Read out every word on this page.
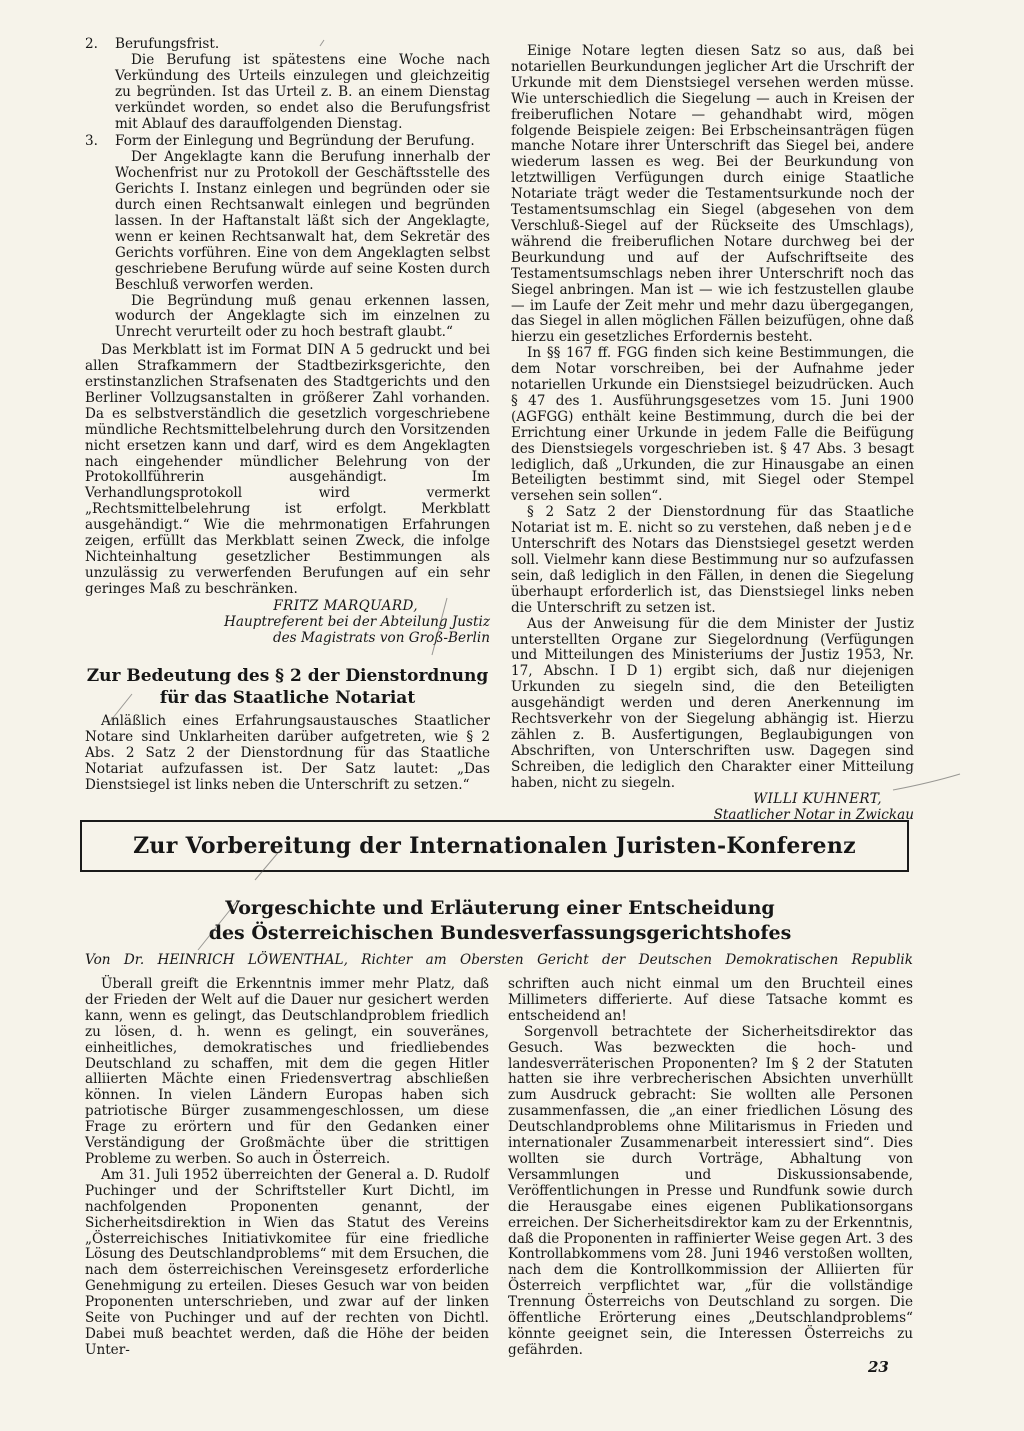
2.	Berufungsfrist.

Die Berufung ist spätestens eine Woche nach Verkündung des Urteils einzulegen und gleichzeitig zu begründen. Ist das Urteil z. B. an einem Dienstag verkündet worden, so endet also die Berufungsfrist mit Ablauf des darauffolgenden Dienstag.

3.	Form der Einlegung und Begründung der Berufung.

Der Angeklagte kann die Berufung innerhalb der Wochenfrist nur zu Protokoll der Geschäftsstelle des Gerichts I. Instanz einlegen und begründen oder sie durch einen Rechtsanwalt einlegen und begründen lassen. In der Haftanstalt läßt sich der Angeklagte, wenn er keinen Rechtsanwalt hat, dem Sekretär des Gerichts vorführen. Eine von dem Angeklagten selbst geschriebene Berufung würde auf seine Kosten durch Beschluß verworfen werden.

Die Begründung muß genau erkennen lassen, wodurch der Angeklagte sich im einzelnen zu Unrecht verurteilt oder zu hoch bestraft glaubt.“

Das Merkblatt ist im Format DIN A 5 gedruckt und bei allen Strafkammern der Stadtbezirksgerichte, den erstinstanzlichen Strafsenaten des Stadtgerichts und den Berliner Vollzugsanstalten in größerer Zahl vorhanden. Da es selbstverständlich die gesetzlich vorgeschriebene mündliche Rechtsmittelbelehrung durch den Vorsitzenden nicht ersetzen kann und darf, wird es dem Angeklagten nach eingehender mündlicher Belehrung von der Protokollführerin ausgehändigt. Im Verhandlungsprotokoll wird vermerkt „Rechtsmittelbelehrung ist erfolgt. Merkblatt ausgehändigt.“ Wie die mehrmonatigen Erfahrungen zeigen, erfüllt das Merkblatt seinen Zweck, die infolge Nichteinhaltung gesetzlicher Bestimmungen als unzulässig zu verwerfenden Berufungen auf ein sehr geringes Maß zu beschränken.

FRITZ MARQUARD,

Hauptreferent bei der Abteilung Justiz

des Magistrats von Groß-Berlin

Zur Bedeutung des § 2 der Dienstordnung

für das Staatliche Notariat

Anläßlich eines Erfahrungsaustausches Staatlicher Notare sind Unklarheiten darüber aufgetreten, wie § 2 Abs. 2 Satz 2 der Dienstordnung für das Staatliche Notariat aufzufassen ist. Der Satz lautet: „Das Dienstsiegel ist links neben die Unterschrift zu setzen.“

Einige Notare legten diesen Satz so aus, daß bei notariellen Beurkundungen jeglicher Art die Urschrift der Urkunde mit dem Dienstsiegel versehen werden müsse. Wie unterschiedlich die Siegelung — auch in Kreisen der freiberuflichen Notare — gehandhabt wird, mögen folgende Beispiele zeigen: Bei Erbscheinsanträgen fügen manche Notare ihrer Unterschrift das Siegel bei, andere wiederum lassen es weg. Bei der Beurkundung von letztwilligen Verfügungen durch einige Staatliche Notariate trägt weder die Testamentsurkunde noch der Testamentsumschlag ein Siegel (abgesehen von dem Verschluß-Siegel auf der Rückseite des Umschlags), während die freiberuflichen Notare durchweg bei der Beurkundung und auf der Aufschriftseite des Testamentsumschlags neben ihrer Unterschrift noch das Siegel anbringen. Man ist — wie ich festzustellen glaube — im Laufe der Zeit mehr und mehr dazu übergegangen, das Siegel in allen möglichen Fällen beizufügen, ohne daß hierzu ein gesetzliches Erfordernis besteht.

In §§ 167 ff. FGG finden sich keine Bestimmungen, die dem Notar vorschreiben, bei der Aufnahme jeder notariellen Urkunde ein Dienstsiegel beizudrücken. Auch § 47 des 1. Ausführungsgesetzes vom 15. Juni 1900 (AGFGG) enthält keine Bestimmung, durch die bei der Errichtung einer Urkunde in jedem Falle die Beifügung des Dienstsiegels vorgeschrieben ist. § 47 Abs. 3 besagt lediglich, daß „Urkunden, die zur Hinausgabe an einen Beteiligten bestimmt sind, mit Siegel oder Stempel versehen sein sollen“.

§ 2 Satz 2 der Dienstordnung für das Staatliche Notariat ist m. E. nicht so zu verstehen, daß neben jede Unterschrift des Notars das Dienstsiegel gesetzt werden soll. Vielmehr kann diese Bestimmung nur so aufzufassen sein, daß lediglich in den Fällen, in denen die Siegelung überhaupt erforderlich ist, das Dienstsiegel links neben die Unterschrift zu setzen ist.

Aus der Anweisung für die dem Minister der Justiz unterstellten Organe zur Siegelordnung (Verfügungen und Mitteilungen des Ministeriums der Justiz 1953, Nr. 17, Abschn. I D 1) ergibt sich, daß nur diejenigen Urkunden zu siegeln sind, die den Beteiligten ausgehändigt werden und deren Anerkennung im Rechtsverkehr von der Siegelung abhängig ist. Hierzu zählen z. B. Ausfertigungen, Beglaubigungen von Abschriften, von Unterschriften usw. Dagegen sind Schreiben, die lediglich den Charakter einer Mitteilung haben, nicht zu siegeln.

WILLI KUHNERT,

Staatlicher Notar in Zwickau

Zur Vorbereitung der Internationalen Juristen-Konferenz
Vorgeschichte und Erläuterung einer Entscheidung
des Österreichischen Bundesverfassungsgerichtshofes
Von Dr. HEINRICH LÖWENTHAL, Richter am Obersten Gericht der Deutschen Demokratischen Republik

Überall greift die Erkenntnis immer mehr Platz, daß der Frieden der Welt auf die Dauer nur gesichert werden kann, wenn es gelingt, das Deutschlandproblem friedlich zu lösen, d. h. wenn es gelingt, ein souveränes, einheitliches, demokratisches und friedliebendes Deutschland zu schaffen, mit dem die gegen Hitler alliierten Mächte einen Friedensvertrag abschließen können. In vielen Ländern Europas haben sich patriotische Bürger zusammengeschlossen, um diese Frage zu erörtern und für den Gedanken einer Verständigung der Großmächte über die strittigen Probleme zu werben. So auch in Österreich.

Am 31. Juli 1952 überreichten der General a. D. Rudolf Puchinger und der Schriftsteller Kurt Dichtl, im nachfolgenden Proponenten genannt, der Sicherheitsdirektion in Wien das Statut des Vereins „Österreichisches Initiativkomitee für eine friedliche Lösung des Deutschlandproblems“ mit dem Ersuchen, die nach dem österreichischen Vereinsgesetz erforderliche Genehmigung zu erteilen. Dieses Gesuch war von beiden Proponenten unterschrieben, und zwar auf der linken Seite von Puchinger und auf der rechten von Dichtl. Dabei muß beachtet werden, daß die Höhe der beiden Unter-

schriften auch nicht einmal um den Bruchteil eines Millimeters differierte. Auf diese Tatsache kommt es entscheidend an!

Sorgenvoll betrachtete der Sicherheitsdirektor das Gesuch. Was bezweckten die hoch- und landesverräterischen Proponenten? Im § 2 der Statuten hatten sie ihre verbrecherischen Absichten unverhüllt zum Ausdruck gebracht: Sie wollten alle Personen zusammenfassen, die „an einer friedlichen Lösung des Deutschlandproblems ohne Militarismus in Frieden und internationaler Zusammenarbeit interessiert sind“. Dies wollten sie durch Vorträge, Abhaltung von Versammlungen und Diskussionsabende, Veröffentlichungen in Presse und Rundfunk sowie durch die Herausgabe eines eigenen Publikationsorgans erreichen. Der Sicherheitsdirektor kam zu der Erkenntnis, daß die Proponenten in raffinierter Weise gegen Art. 3 des Kontrollabkommens vom 28. Juni 1946 verstoßen wollten, nach dem die Kontrollkommission der Alliierten für Österreich verpflichtet war, „für die vollständige Trennung Österreichs von Deutschland zu sorgen. Die öffentliche Erörterung eines „Deutschlandproblems“ könnte geeignet sein, die Interessen Österreichs zu gefährden.

23
